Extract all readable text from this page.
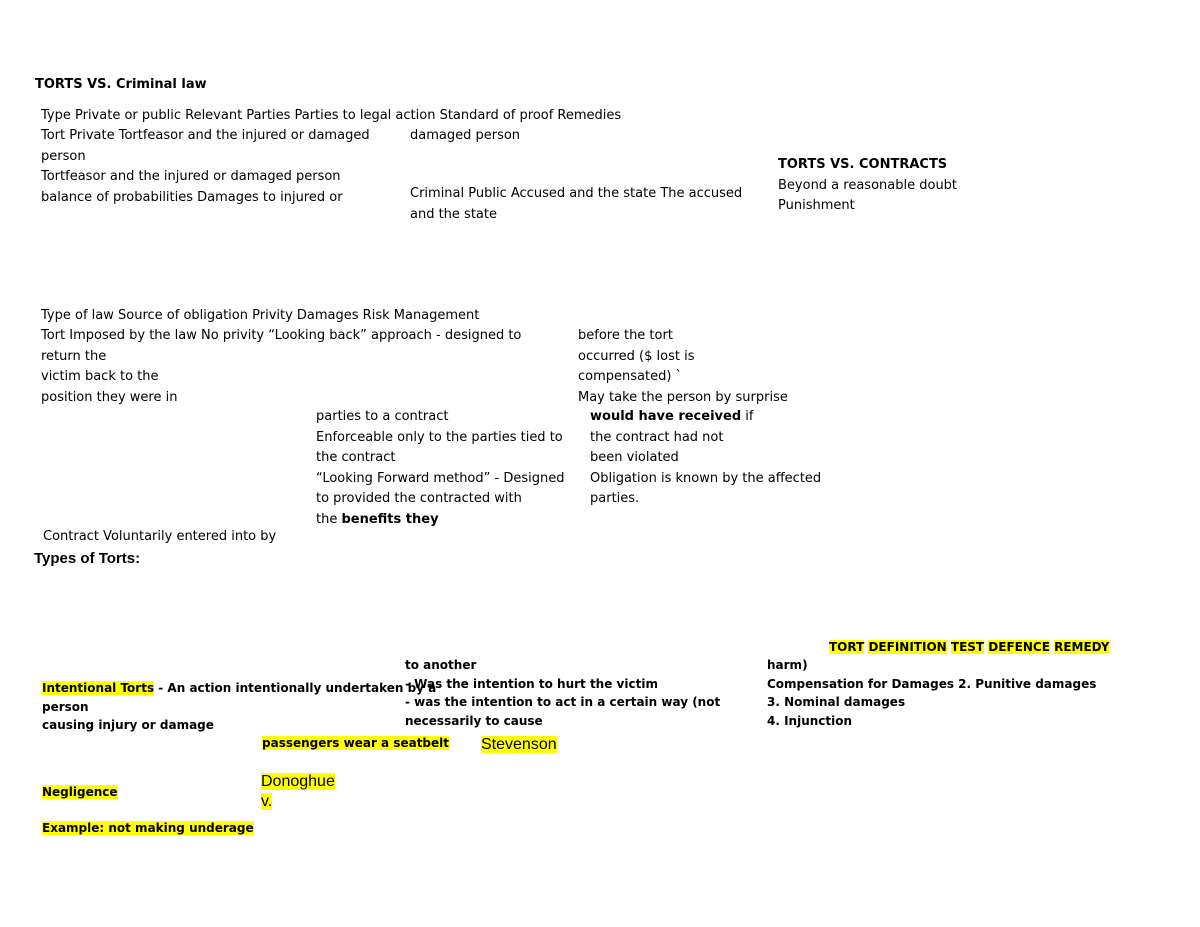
TORTS VS. Criminal law
Type Private or public Relevant Parties Parties to legal action Standard of proof Remedies
Tort Private Tortfeasor and the injured or damaged
person
Tortfeasor and the injured or damaged person
balance of probabilities Damages to injured or
damaged person
Criminal Public Accused and the state The accused
and the state
TORTS VS. CONTRACTS
Beyond a reasonable doubt
Punishment
Type of law Source of obligation Privity Damages Risk Management
Tort Imposed by the law No privity “Looking back” approach - designed to
return the
victim back to the
position they were in
before the tort
occurred ($ lost is
compensated) `
May take the person by surprise
parties to a contract
Enforceable only to the parties tied to
the contract
“Looking Forward method” - Designed
to provided the contracted with
the benefits they
would have received if
the contract had not
been violated
Obligation is known by the affected
parties.
Contract Voluntarily entered into by
Types of Torts:
TORT DEFINITION TEST DEFENCE REMEDY
to another
- Was the intention to hurt the victim
- was the intention to act in a certain way (not
necessarily to cause
harm)
Compensation for Damages 2. Punitive damages
3. Nominal damages
4. Injunction
Intentional Torts - An action intentionally undertaken by a
person
causing injury or damage
passengers wear a seatbelt Stevenson
Donoghue
v.
Negligence
Example: not making underage
